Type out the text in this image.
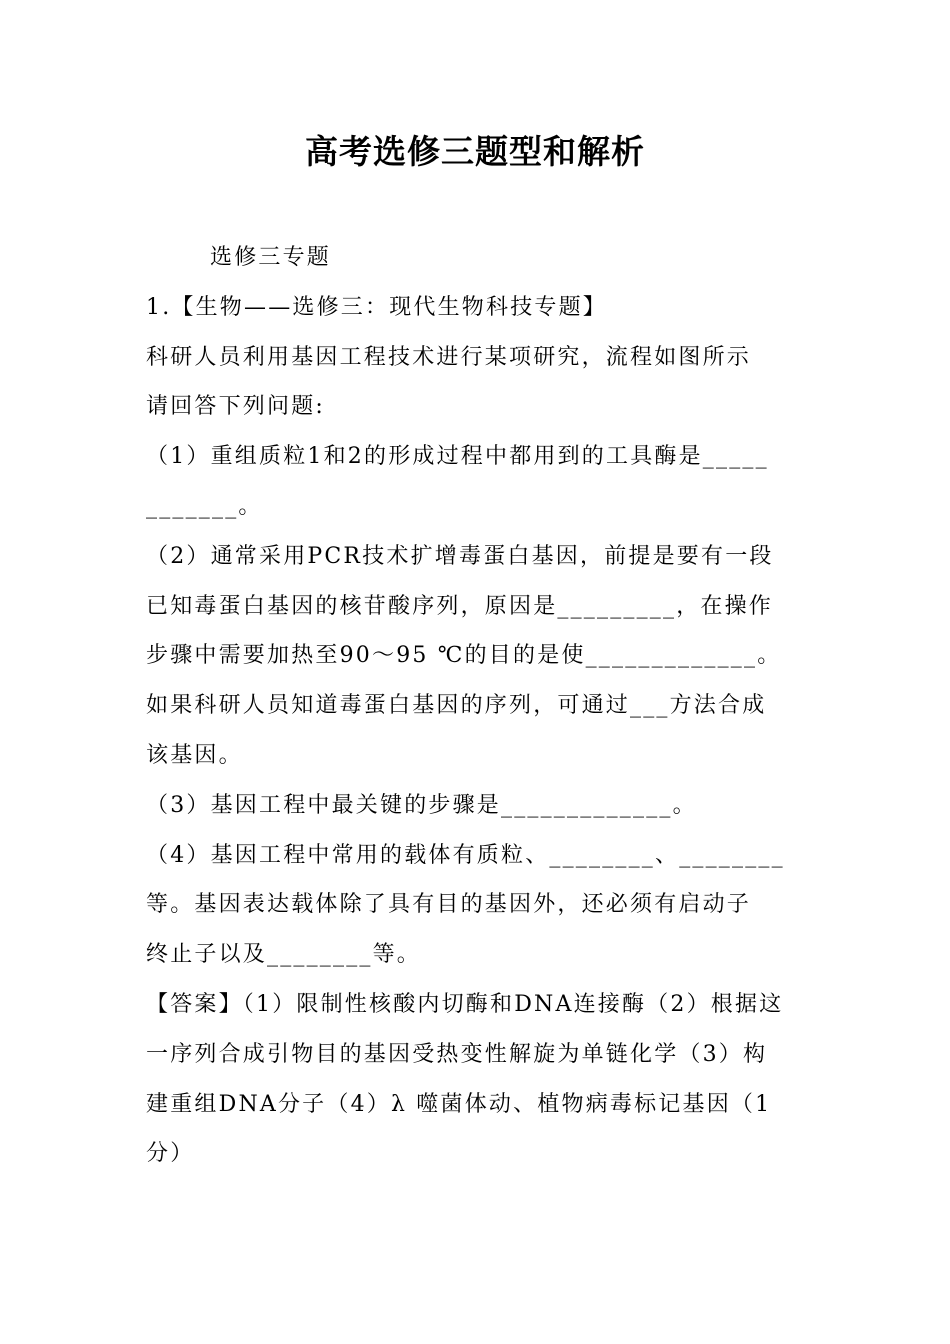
高考选修三题型和解析
选修三专题
1.【生物——选修三：现代生物科技专题】
科研人员利用基因工程技术进行某项研究，流程如图所示
请回答下列问题:
（1）重组质粒1和2的形成过程中都用到的工具酶是_____
_______。
（2）通常采用PCR技术扩增毒蛋白基因，前提是要有一段
已知毒蛋白基因的核苷酸序列，原因是_________，在操作
步骤中需要加热至90～95 ℃的目的是使_____________。
如果科研人员知道毒蛋白基因的序列，可通过___方法合成
该基因。
（3）基因工程中最关键的步骤是_____________。
（4）基因工程中常用的载体有质粒、________、________
等。基因表达载体除了具有目的基因外，还必须有启动子
终止子以及________等。
【答案】（1）限制性核酸内切酶和DNA连接酶（2）根据这
一序列合成引物目的基因受热变性解旋为单链化学（3）构
建重组DNA分子（4）λ 噬菌体动、植物病毒标记基因（1
分）
